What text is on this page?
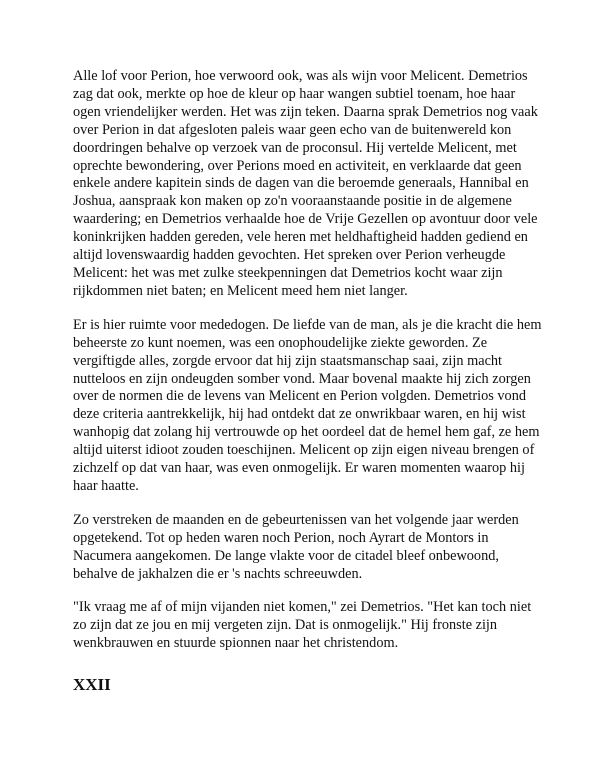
Alle lof voor Perion, hoe verwoord ook, was als wijn voor Melicent. Demetrios zag dat ook, merkte op hoe de kleur op haar wangen subtiel toenam, hoe haar ogen vriendelijker werden. Het was zijn teken. Daarna sprak Demetrios nog vaak over Perion in dat afgesloten paleis waar geen echo van de buitenwereld kon doordringen behalve op verzoek van de proconsul. Hij vertelde Melicent, met oprechte bewondering, over Perions moed en activiteit, en verklaarde dat geen enkele andere kapitein sinds de dagen van die beroemde generaals, Hannibal en Joshua, aanspraak kon maken op zo'n vooraanstaande positie in de algemene waardering; en Demetrios verhaalde hoe de Vrije Gezellen op avontuur door vele koninkrijken hadden gereden, vele heren met heldhaftigheid hadden gediend en altijd lovenswaardig hadden gevochten. Het spreken over Perion verheugde Melicent: het was met zulke steekpenningen dat Demetrios kocht waar zijn rijkdommen niet baten; en Melicent meed hem niet langer.

Er is hier ruimte voor mededogen. De liefde van de man, als je die kracht die hem beheerste zo kunt noemen, was een onophoudelijke ziekte geworden. Ze vergiftigde alles, zorgde ervoor dat hij zijn staatsmanschap saai, zijn macht nutteloos en zijn ondeugden somber vond. Maar bovenal maakte hij zich zorgen over de normen die de levens van Melicent en Perion volgden. Demetrios vond deze criteria aantrekkelijk, hij had ontdekt dat ze onwrikbaar waren, en hij wist wanhopig dat zolang hij vertrouwde op het oordeel dat de hemel hem gaf, ze hem altijd uiterst idioot zouden toeschijnen. Melicent op zijn eigen niveau brengen of zichzelf op dat van haar, was even onmogelijk. Er waren momenten waarop hij haar haatte.

Zo verstreken de maanden en de gebeurtenissen van het volgende jaar werden opgetekend. Tot op heden waren noch Perion, noch Ayrart de Montors in Nacumera aangekomen. De lange vlakte voor de citadel bleef onbewoond, behalve de jakhalzen die er 's nachts schreeuwden.

"Ik vraag me af of mijn vijanden niet komen," zei Demetrios. "Het kan toch niet zo zijn dat ze jou en mij vergeten zijn. Dat is onmogelijk." Hij fronste zijn wenkbrauwen en stuurde spionnen naar het christendom.

XXII
